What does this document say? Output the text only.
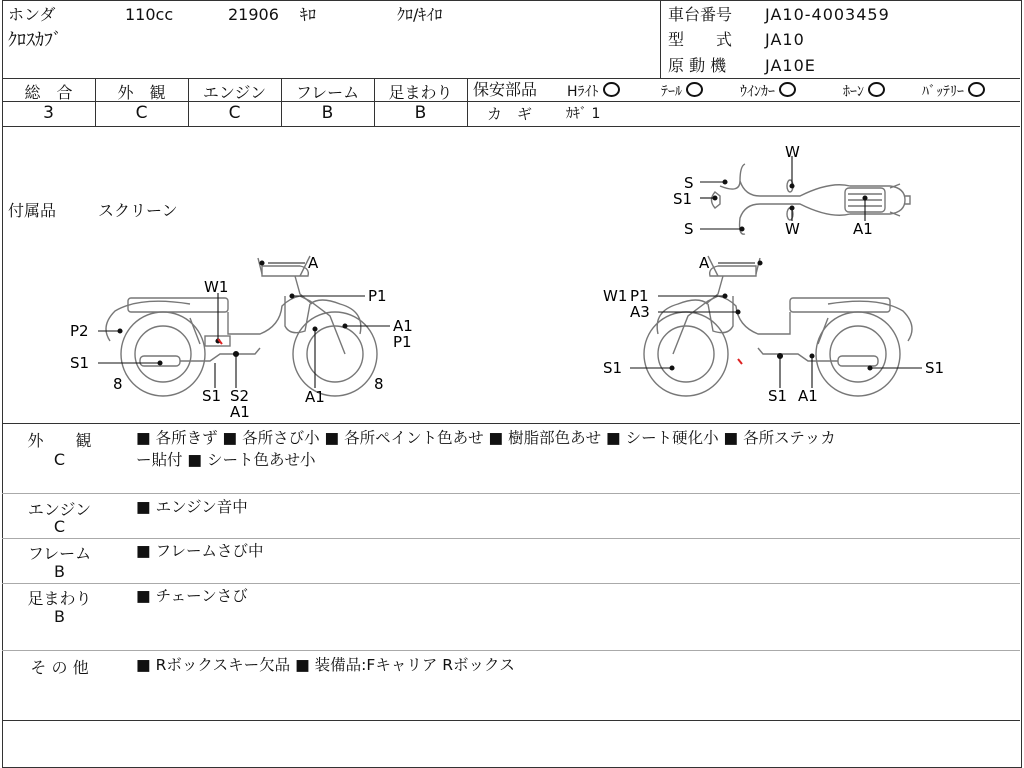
ホンダ	110cc	21906 ｷﾛ	ｸﾛ/ｷｲﾛ
ｸﾛｽｶﾌﾞ
車台番号 JA10-4003459
型　　式 JA10
原 動 機 JA10E
総　合	外　観	エンジン	フレーム	足まわり
3	C	C	B	B
保安部品 Hﾗｲﾄ	ﾃｰﾙ	ｳｲﾝｶｰ	ﾎｰﾝ	ﾊﾞｯﾃﾘｰ
カ　ギ ｶｷﾞ 1
付属品	スクリーン
W
S
S1
S	W	A1
A
W1	P1
P2	A1
P1
S1
8
S1 S2
A1
A1
8
A
W1 P1
A3
S1
S1 A1
S1
外　　観
C
■ 各所きず ■ 各所さび小 ■ 各所ペイント色あせ ■ 樹脂部色あせ ■ シート硬化小 ■ 各所ステッカ
ー貼付 ■ シート色あせ小
エンジン
C
■ エンジン音中
フレーム
B
■ フレームさび中
足まわり
B
■ チェーンさび
そ の 他	■ Rボックスキー欠品 ■ 装備品:Fキャリア Rボックス
